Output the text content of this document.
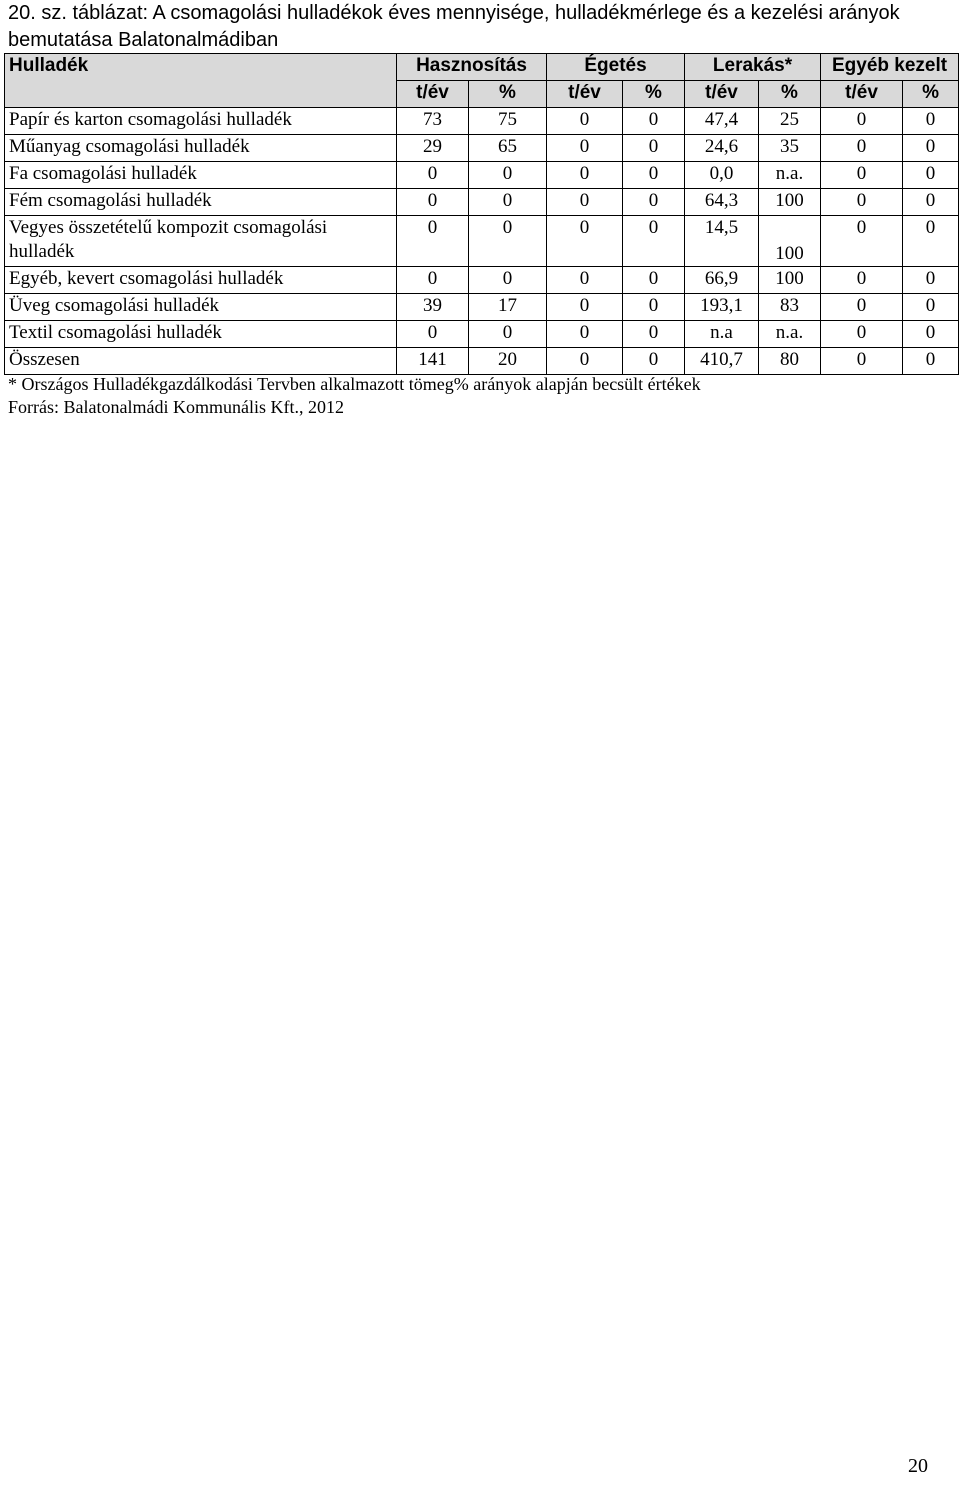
20. sz. táblázat: A csomagolási hulladékok éves mennyisége, hulladékmérlege és a kezelési arányok bemutatása Balatonalmádiban
Hulladék	Hasznosítás		Égetés		Lerakás*		Egyéb kezelt	
	t/év	%	t/év	%	t/év	%	t/év	%
Papír és karton csomagolási hulladék	73	75	0	0	47,4	25	0	0
Műanyag csomagolási hulladék	29	65	0	0	24,6	35	0	0
Fa csomagolási hulladék	0	0	0	0	0,0	n.a.	0	0
Fém csomagolási hulladék	0	0	0	0	64,3	100	0	0
Vegyes összetételű kompozit csomagolási hulladék	0	0	0	0	14,5	100	0	0
Egyéb, kevert csomagolási hulladék	0	0	0	0	66,9	100	0	0
Üveg csomagolási hulladék	39	17	0	0	193,1	83	0	0
Textil csomagolási hulladék	0	0	0	0	n.a	n.a.	0	0
Összesen	141	20	0	0	410,7	80	0	0
* Országos Hulladékgazdálkodási Tervben alkalmazott tömeg% arányok alapján becsült értékek
Forrás: Balatonalmádi Kommunális Kft., 2012
20
